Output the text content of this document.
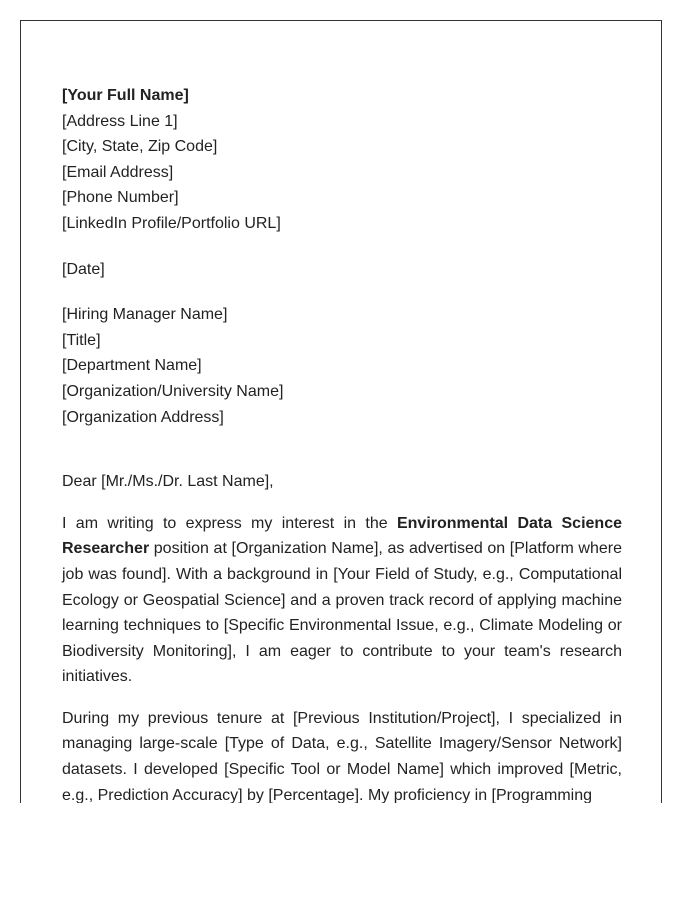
[Your Full Name]
[Address Line 1]
[City, State, Zip Code]
[Email Address]
[Phone Number]
[LinkedIn Profile/Portfolio URL]
[Date]
[Hiring Manager Name]
[Title]
[Department Name]
[Organization/University Name]
[Organization Address]
Dear [Mr./Ms./Dr. Last Name],

I am writing to express my interest in the Environmental Data Science Researcher position at [Organization Name], as advertised on [Platform where job was found]. With a background in [Your Field of Study, e.g., Computational Ecology or Geospatial Science] and a proven track record of applying machine learning techniques to [Specific Environmental Issue, e.g., Climate Modeling or Biodiversity Monitoring], I am eager to contribute to your team's research initiatives.

During my previous tenure at [Previous Institution/Project], I specialized in managing large-scale [Type of Data, e.g., Satellite Imagery/Sensor Network] datasets. I developed [Specific Tool or Model Name] which improved [Metric, e.g., Prediction Accuracy] by [Percentage]. My proficiency in [Programming
